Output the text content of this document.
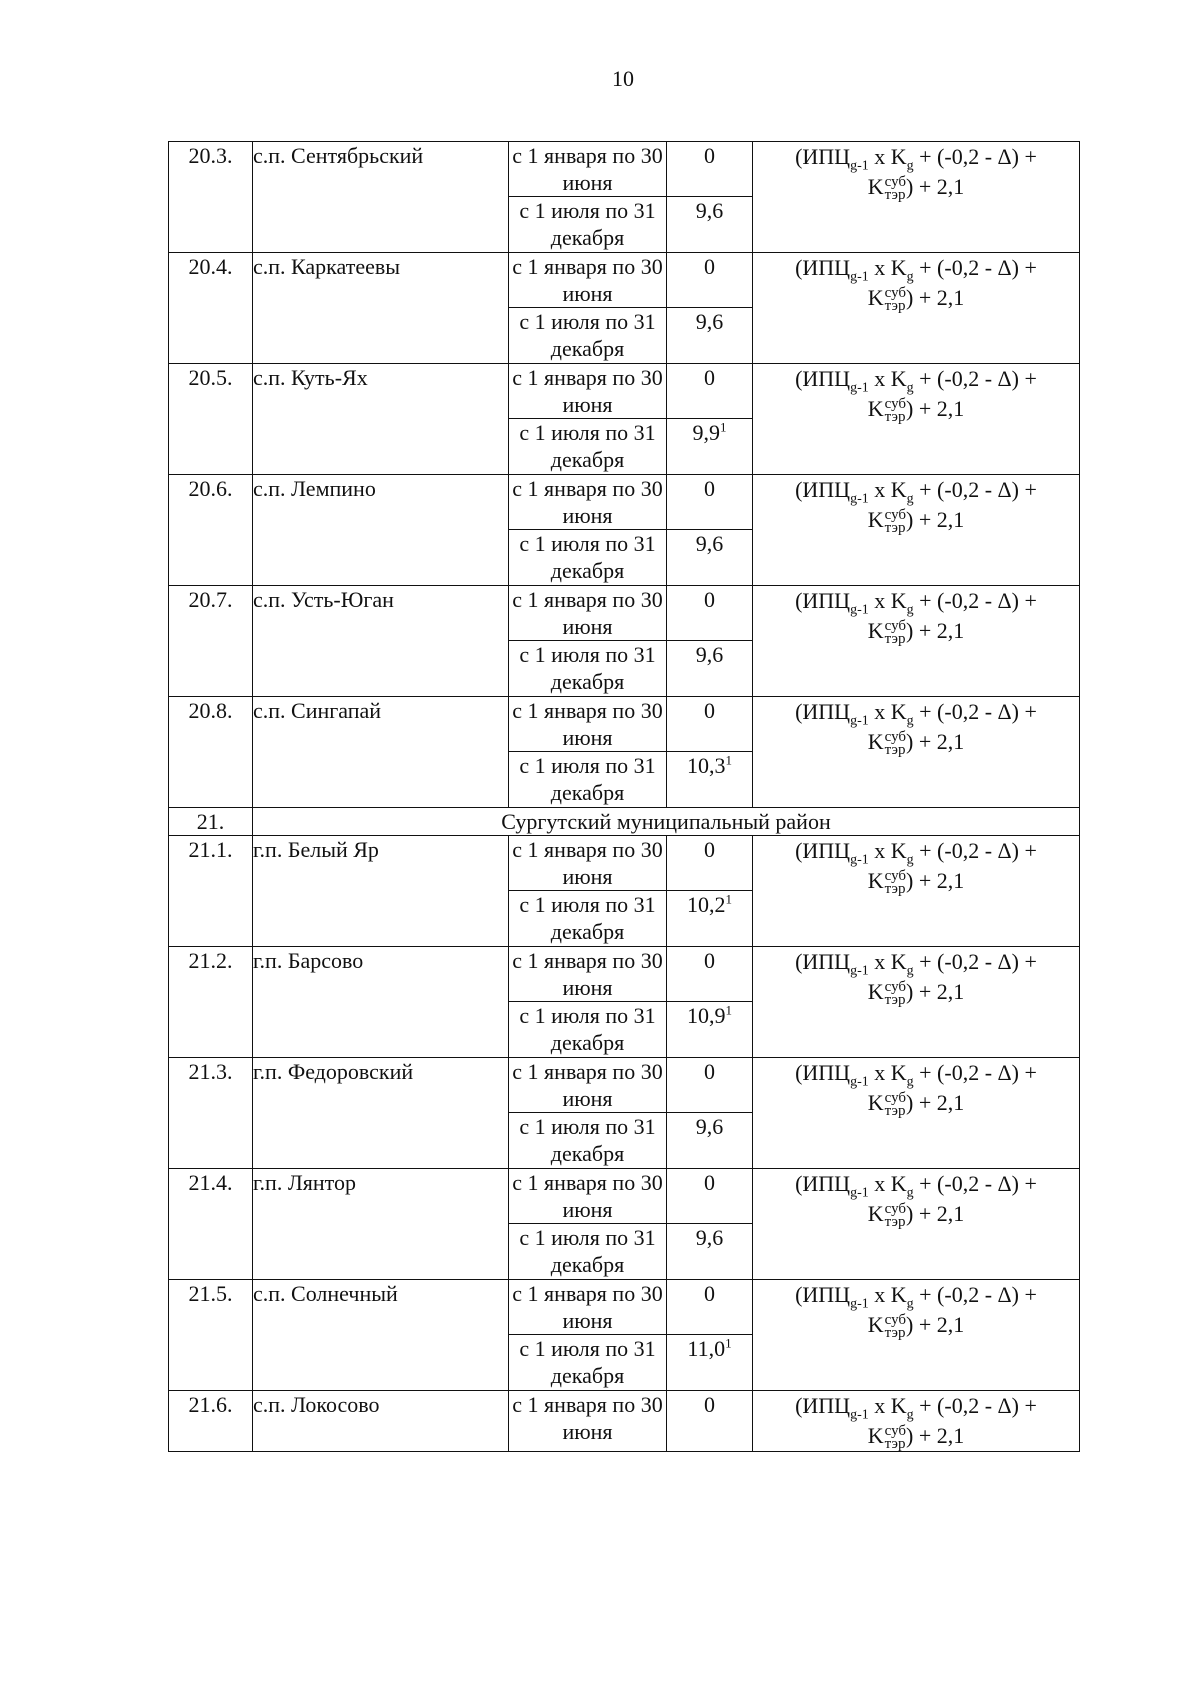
10
20.3.	с.п. Сентябрьский	с 1 января по 30 июня	0	($ИПЦ_{g-1}$ x $K_g + (-0,2 - \Delta)$ +
K суб
тэр ) + 2,1

		с 1 июля по 31 декабря	9,6	
20.4.	с.п. Каркатеевы	с 1 января по 30 июня	0	($ИПЦ_{g-1}$ x $K_g + (-0,2 - \Delta)$ +
K суб
тэр ) + 2,1

		с 1 июля по 31 декабря	9,6	
20.5.	с.п. Куть-Ях	с 1 января по 30 июня	0	($ИПЦ_{g-1}$ x $K_g + (-0,2 - \Delta)$ +
K суб
тэр ) + 2,1

		с 1 июля по 31 декабря	9,9$^1$
20.6.	с.п. Лемпино	с 1 января по 30 июня	0	($ИПЦ_{g-1}$ x $K_g + (-0,2 - \Delta)$ +
K суб
тэр ) + 2,1

		с 1 июля по 31 декабря	9,6	
20.7.	с.п. Усть-Юган	с 1 января по 30 июня	0	($ИПЦ_{g-1}$ x $K_g + (-0,2 - \Delta)$ +
K суб
тэр ) + 2,1

		с 1 июля по 31 декабря	9,6	
20.8.	с.п. Сингапай	с 1 января по 30 июня	0	($ИПЦ_{g-1}$ x $K_g + (-0,2 - \Delta)$ +
K суб
тэр ) + 2,1

		с 1 июля по 31 декабря	10,3$^1$
21.	Сургутский муниципальный район			
21.1.	г.п. Белый Яр	с 1 января по 30 июня	0	($ИПЦ_{g-1}$ x $K_g + (-0,2 - \Delta)$ +
K суб
тэр ) + 2,1

		с 1 июля по 31 декабря	10,2$^1$
21.2.	г.п. Барсово	с 1 января по 30 июня	0	($ИПЦ_{g-1}$ x $K_g + (-0,2 - \Delta)$ +
K суб
тэр ) + 2,1

		с 1 июля по 31 декабря	10,9$^1$
21.3.	г.п. Федоровский	с 1 января по 30 июня	0	($ИПЦ_{g-1}$ x $K_g + (-0,2 - \Delta)$ +
K суб
тэр ) + 2,1

		с 1 июля по 31 декабря	9,6	
21.4.	г.п. Лянтор	с 1 января по 30 июня	0	($ИПЦ_{g-1}$ x $K_g + (-0,2 - \Delta)$ +
K суб
тэр ) + 2,1

		с 1 июля по 31 декабря	9,6	
21.5.	с.п. Солнечный	с 1 января по 30 июня	0	($ИПЦ_{g-1}$ x $K_g + (-0,2 - \Delta)$ +
K суб
тэр ) + 2,1

		с 1 июля по 31 декабря	11,0$^1$
21.6.	с.п. Локосово	с 1 января по 30 июня	0	($ИПЦ_{g-1}$ x $K_g + (-0,2 - \Delta)$ +
K суб
тэр ) + 2,1
